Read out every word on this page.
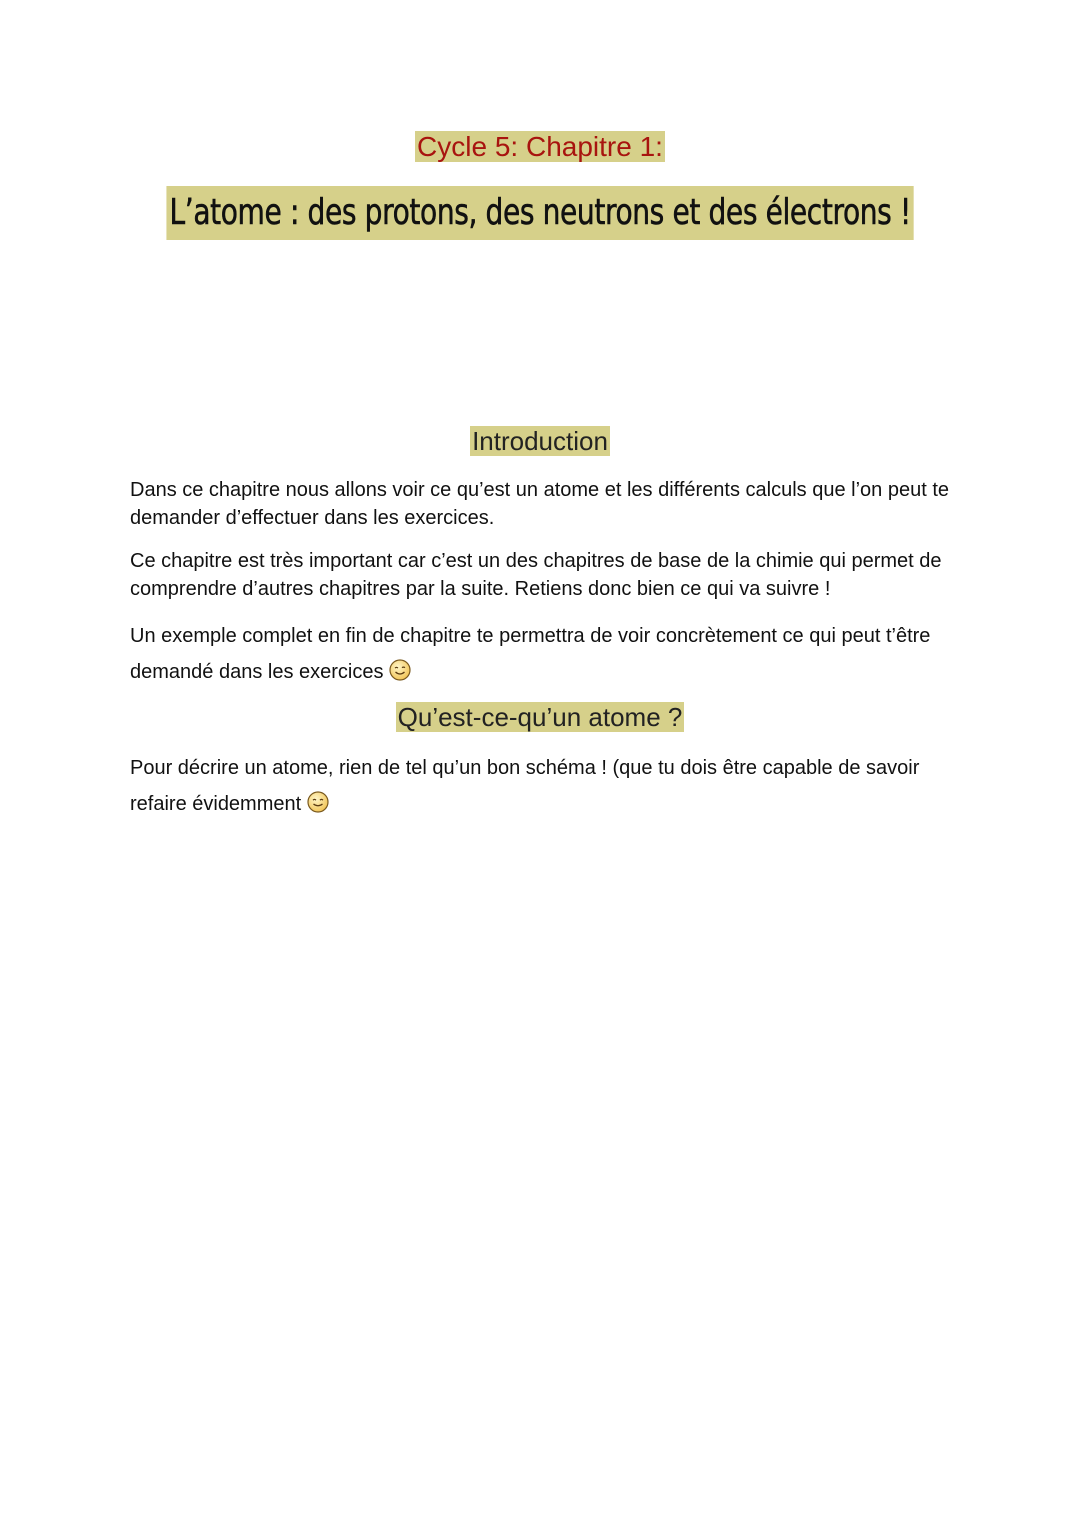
Cycle 5: Chapitre 1:
L’atome : des protons, des neutrons et des électrons !
Introduction

Dans ce chapitre nous allons voir ce qu’est un atome et les différents calculs que l’on peut te demander d’effectuer dans les exercices.

Ce chapitre est très important car c’est un des chapitres de base de la chimie qui permet de comprendre d’autres chapitres par la suite. Retiens donc bien ce qui va suivre !

Un exemple complet en fin de chapitre te permettra de voir concrètement ce qui peut t’être demandé dans les exercices

Qu’est-ce-qu’un atome ?

Pour décrire un atome, rien de tel qu’un bon schéma ! (que tu dois être capable de savoir refaire évidemment
